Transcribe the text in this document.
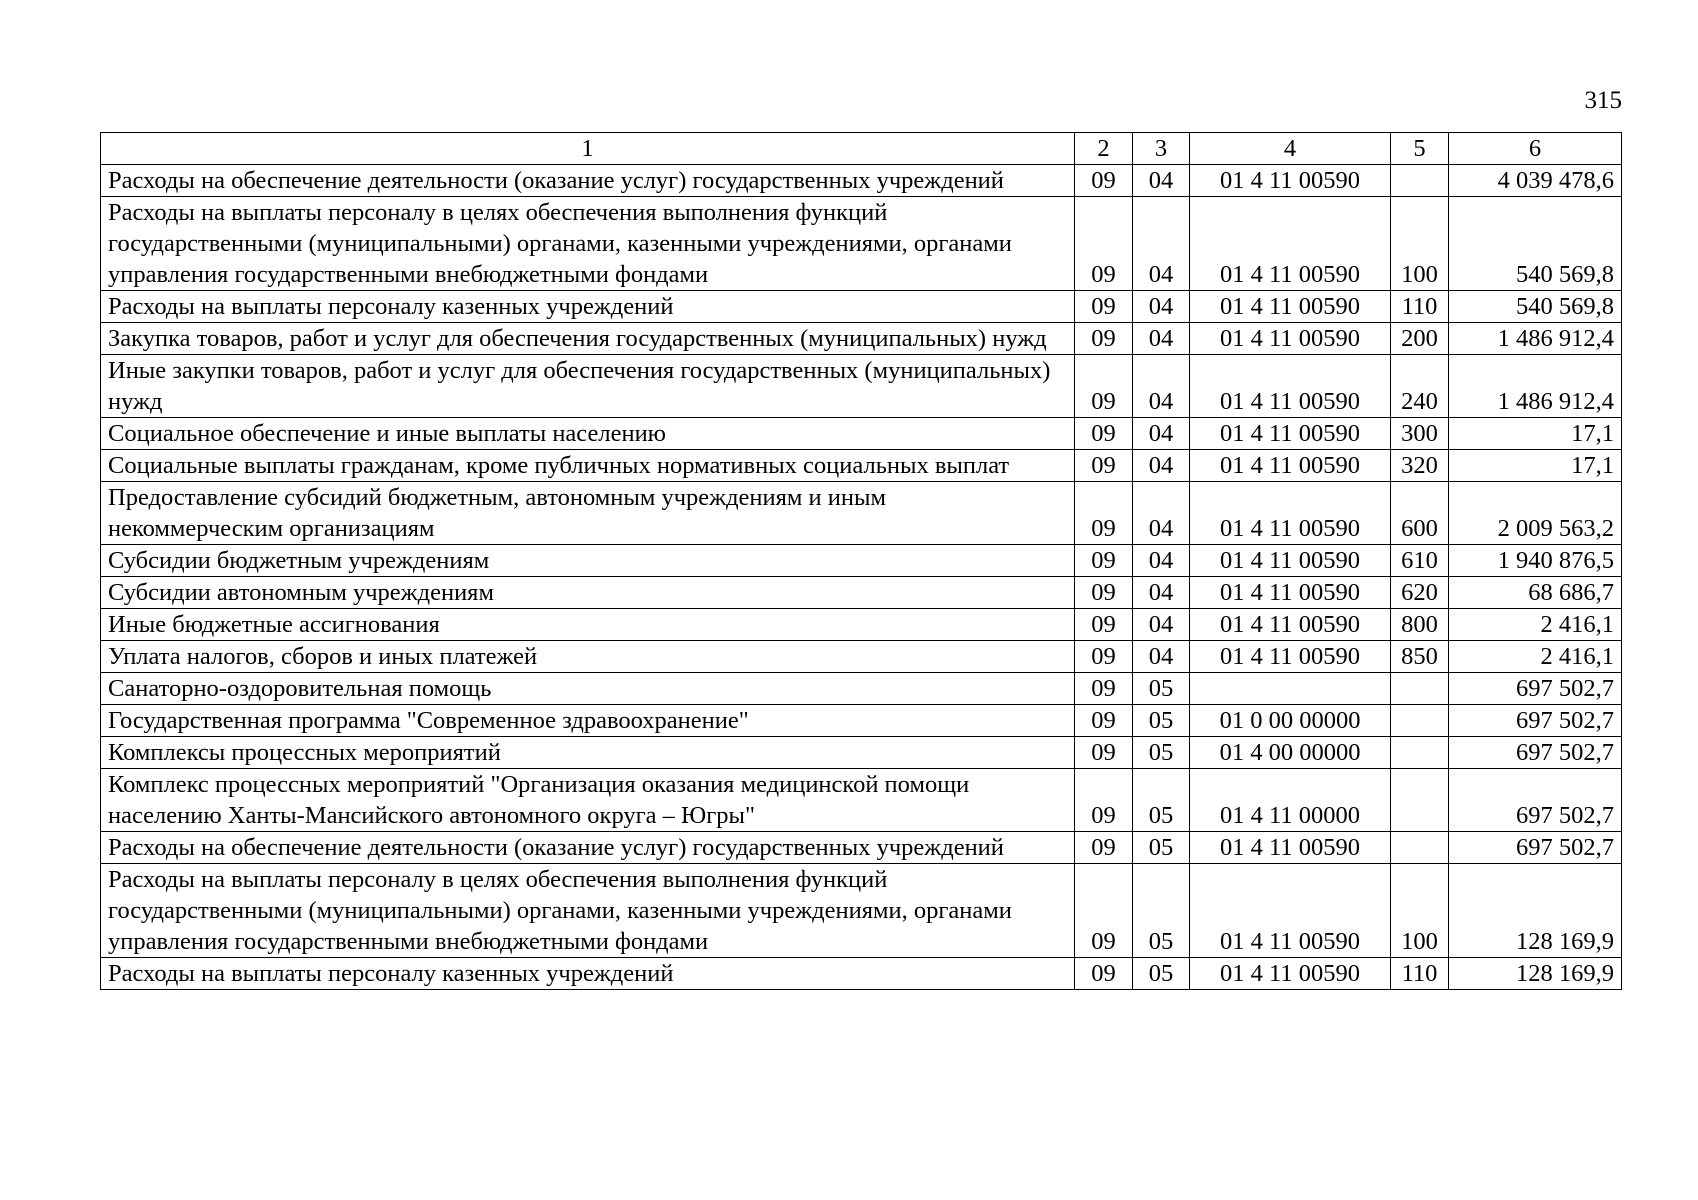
315
1	2	3	4	5	6
Расходы на обеспечение деятельности (оказание услуг) государственных учреждений	09	04	01 4 11 00590		4 039 478,6
Расходы на выплаты персоналу в целях обеспечения выполнения функций государственными (муниципальными) органами, казенными учреждениями, органами управления государственными внебюджетными фондами	09	04	01 4 11 00590	100	540 569,8
Расходы на выплаты персоналу казенных учреждений	09	04	01 4 11 00590	110	540 569,8
Закупка товаров, работ и услуг для обеспечения государственных (муниципальных) нужд	09	04	01 4 11 00590	200	1 486 912,4
Иные закупки товаров, работ и услуг для обеспечения государственных (муниципальных) нужд	09	04	01 4 11 00590	240	1 486 912,4
Социальное обеспечение и иные выплаты населению	09	04	01 4 11 00590	300	17,1
Социальные выплаты гражданам, кроме публичных нормативных социальных выплат	09	04	01 4 11 00590	320	17,1
Предоставление субсидий бюджетным, автономным учреждениям и иным некоммерческим организациям	09	04	01 4 11 00590	600	2 009 563,2
Субсидии бюджетным учреждениям	09	04	01 4 11 00590	610	1 940 876,5
Субсидии автономным учреждениям	09	04	01 4 11 00590	620	68 686,7
Иные бюджетные ассигнования	09	04	01 4 11 00590	800	2 416,1
Уплата налогов, сборов и иных платежей	09	04	01 4 11 00590	850	2 416,1
Санаторно-оздоровительная помощь	09	05			697 502,7
Государственная программа "Современное здравоохранение"	09	05	01 0 00 00000		697 502,7
Комплексы процессных мероприятий	09	05	01 4 00 00000		697 502,7
Комплекс процессных мероприятий "Организация оказания медицинской помощи населению Ханты-Мансийского автономного округа – Югры"	09	05	01 4 11 00000		697 502,7
Расходы на обеспечение деятельности (оказание услуг) государственных учреждений	09	05	01 4 11 00590		697 502,7
Расходы на выплаты персоналу в целях обеспечения выполнения функций государственными (муниципальными) органами, казенными учреждениями, органами управления государственными внебюджетными фондами	09	05	01 4 11 00590	100	128 169,9
Расходы на выплаты персоналу казенных учреждений	09	05	01 4 11 00590	110	128 169,9
